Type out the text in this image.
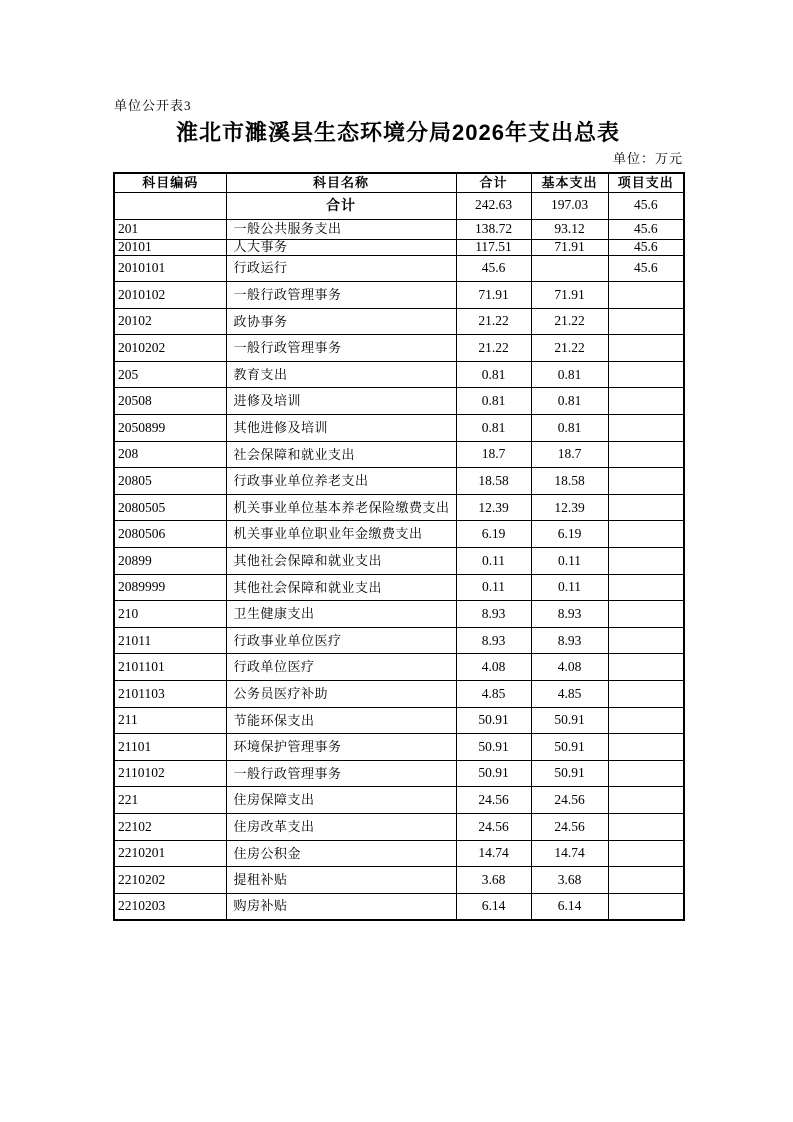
单位公开表3
淮北市濉溪县生态环境分局2026年支出总表
单位：万元
科目编码	科目名称	合计	基本支出	项目支出
	合计	242.63	197.03	45.6
201	一般公共服务支出	138.72	93.12	45.6
20101	人大事务	117.51	71.91	45.6
2010101	行政运行	45.6		45.6
2010102	一般行政管理事务	71.91	71.91	
20102	政协事务	21.22	21.22	
2010202	一般行政管理事务	21.22	21.22	
205	教育支出	0.81	0.81	
20508	进修及培训	0.81	0.81	
2050899	其他进修及培训	0.81	0.81	
208	社会保障和就业支出	18.7	18.7	
20805	行政事业单位养老支出	18.58	18.58	
2080505	机关事业单位基本养老保险缴费支出	12.39	12.39	
2080506	机关事业单位职业年金缴费支出	6.19	6.19	
20899	其他社会保障和就业支出	0.11	0.11	
2089999	其他社会保障和就业支出	0.11	0.11	
210	卫生健康支出	8.93	8.93	
21011	行政事业单位医疗	8.93	8.93	
2101101	行政单位医疗	4.08	4.08	
2101103	公务员医疗补助	4.85	4.85	
211	节能环保支出	50.91	50.91	
21101	环境保护管理事务	50.91	50.91	
2110102	一般行政管理事务	50.91	50.91	
221	住房保障支出	24.56	24.56	
22102	住房改革支出	24.56	24.56	
2210201	住房公积金	14.74	14.74	
2210202	提租补贴	3.68	3.68	
2210203	购房补贴	6.14	6.14	
